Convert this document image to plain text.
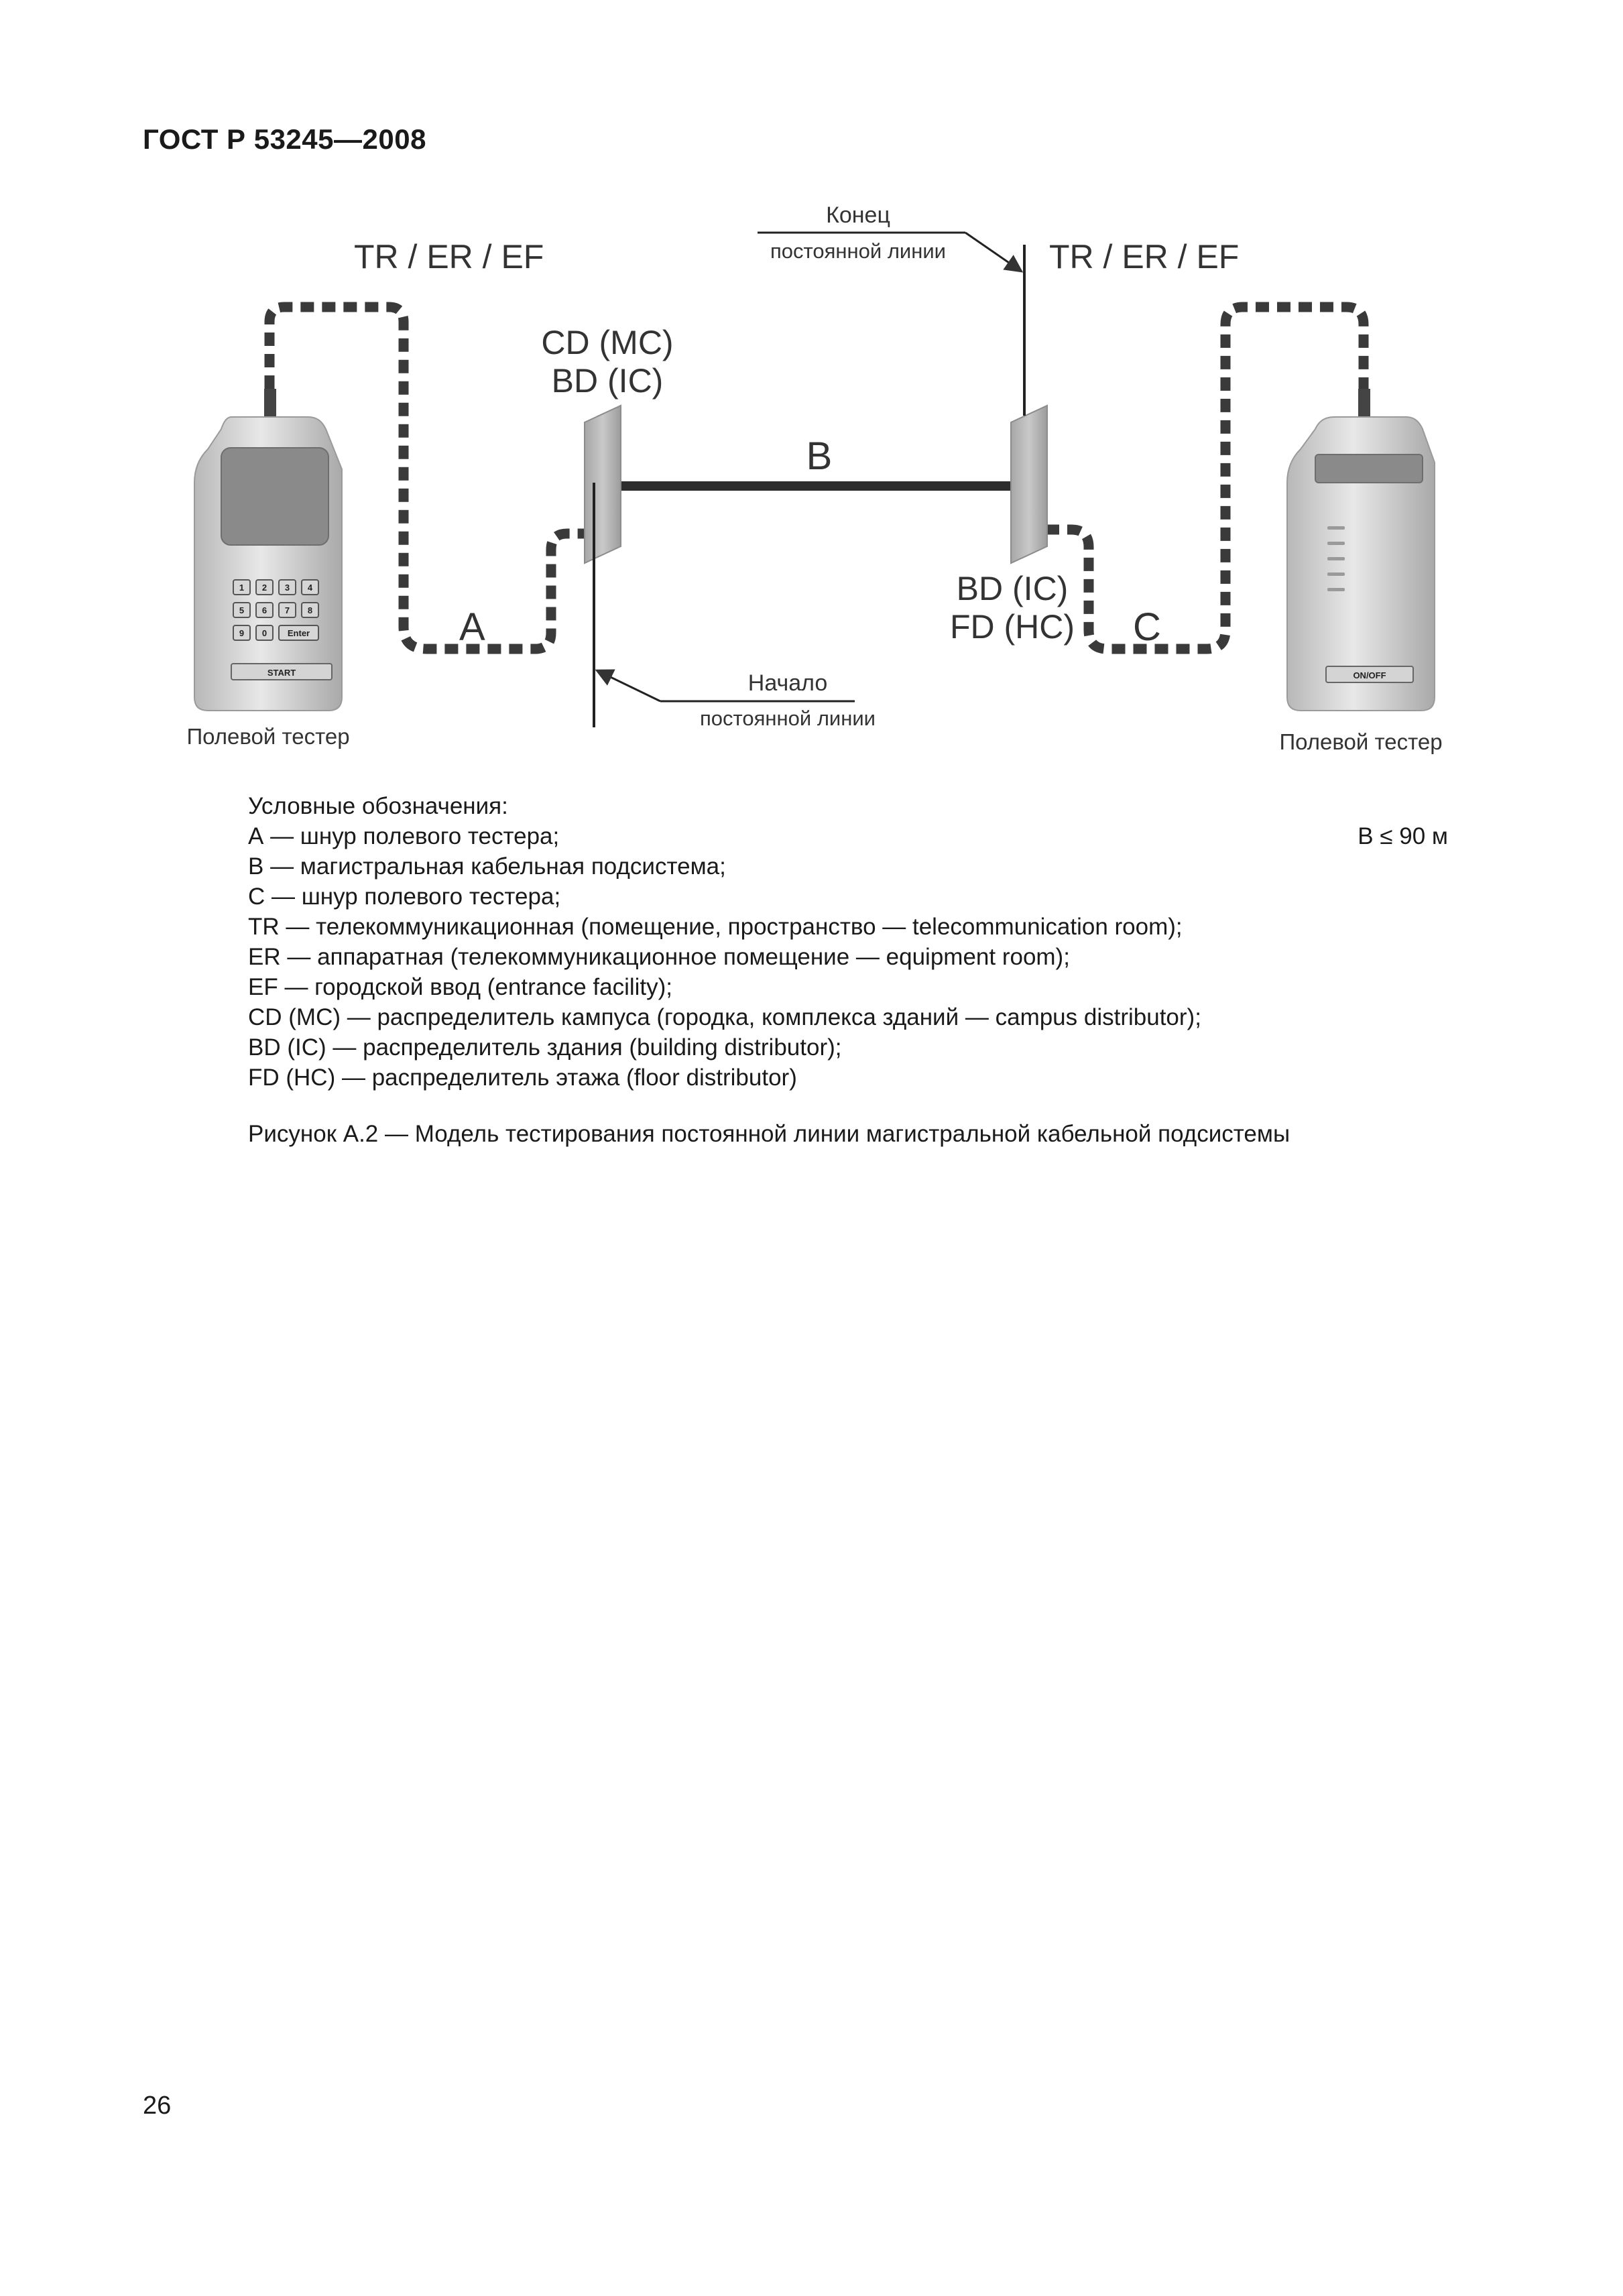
ГОСТ Р 53245—2008
1 2 3 4
5 6 7 8
9 0 Enter
START	ON/OFF
TR / ER / EF	TR / ER / EF
CD (MC)
BD (IC)
BD (IC)
FD (HC)
A
B
C
Конец
постоянной линии
Начало
постоянной линии
Полевой тестер	Полевой тестер
Условные обозначения:
А — шнур полевого тестера;	B ≤ 90 м
В — магистральная кабельная подсистема;
С — шнур полевого тестера;
TR — телекоммуникационная (помещение, пространство — telecommunication room);
ER — аппаратная (телекоммуникационное помещение — equipment room);
EF — городской ввод (entrance facility);
CD (MC) — распределитель кампуса (городка, комплекса зданий — campus distributor);
BD (IC) — распределитель здания (building distributor);
FD (HC) — распределитель этажа (floor distributor)
Рисунок А.2 — Модель тестирования постоянной линии магистральной кабельной подсистемы
26
